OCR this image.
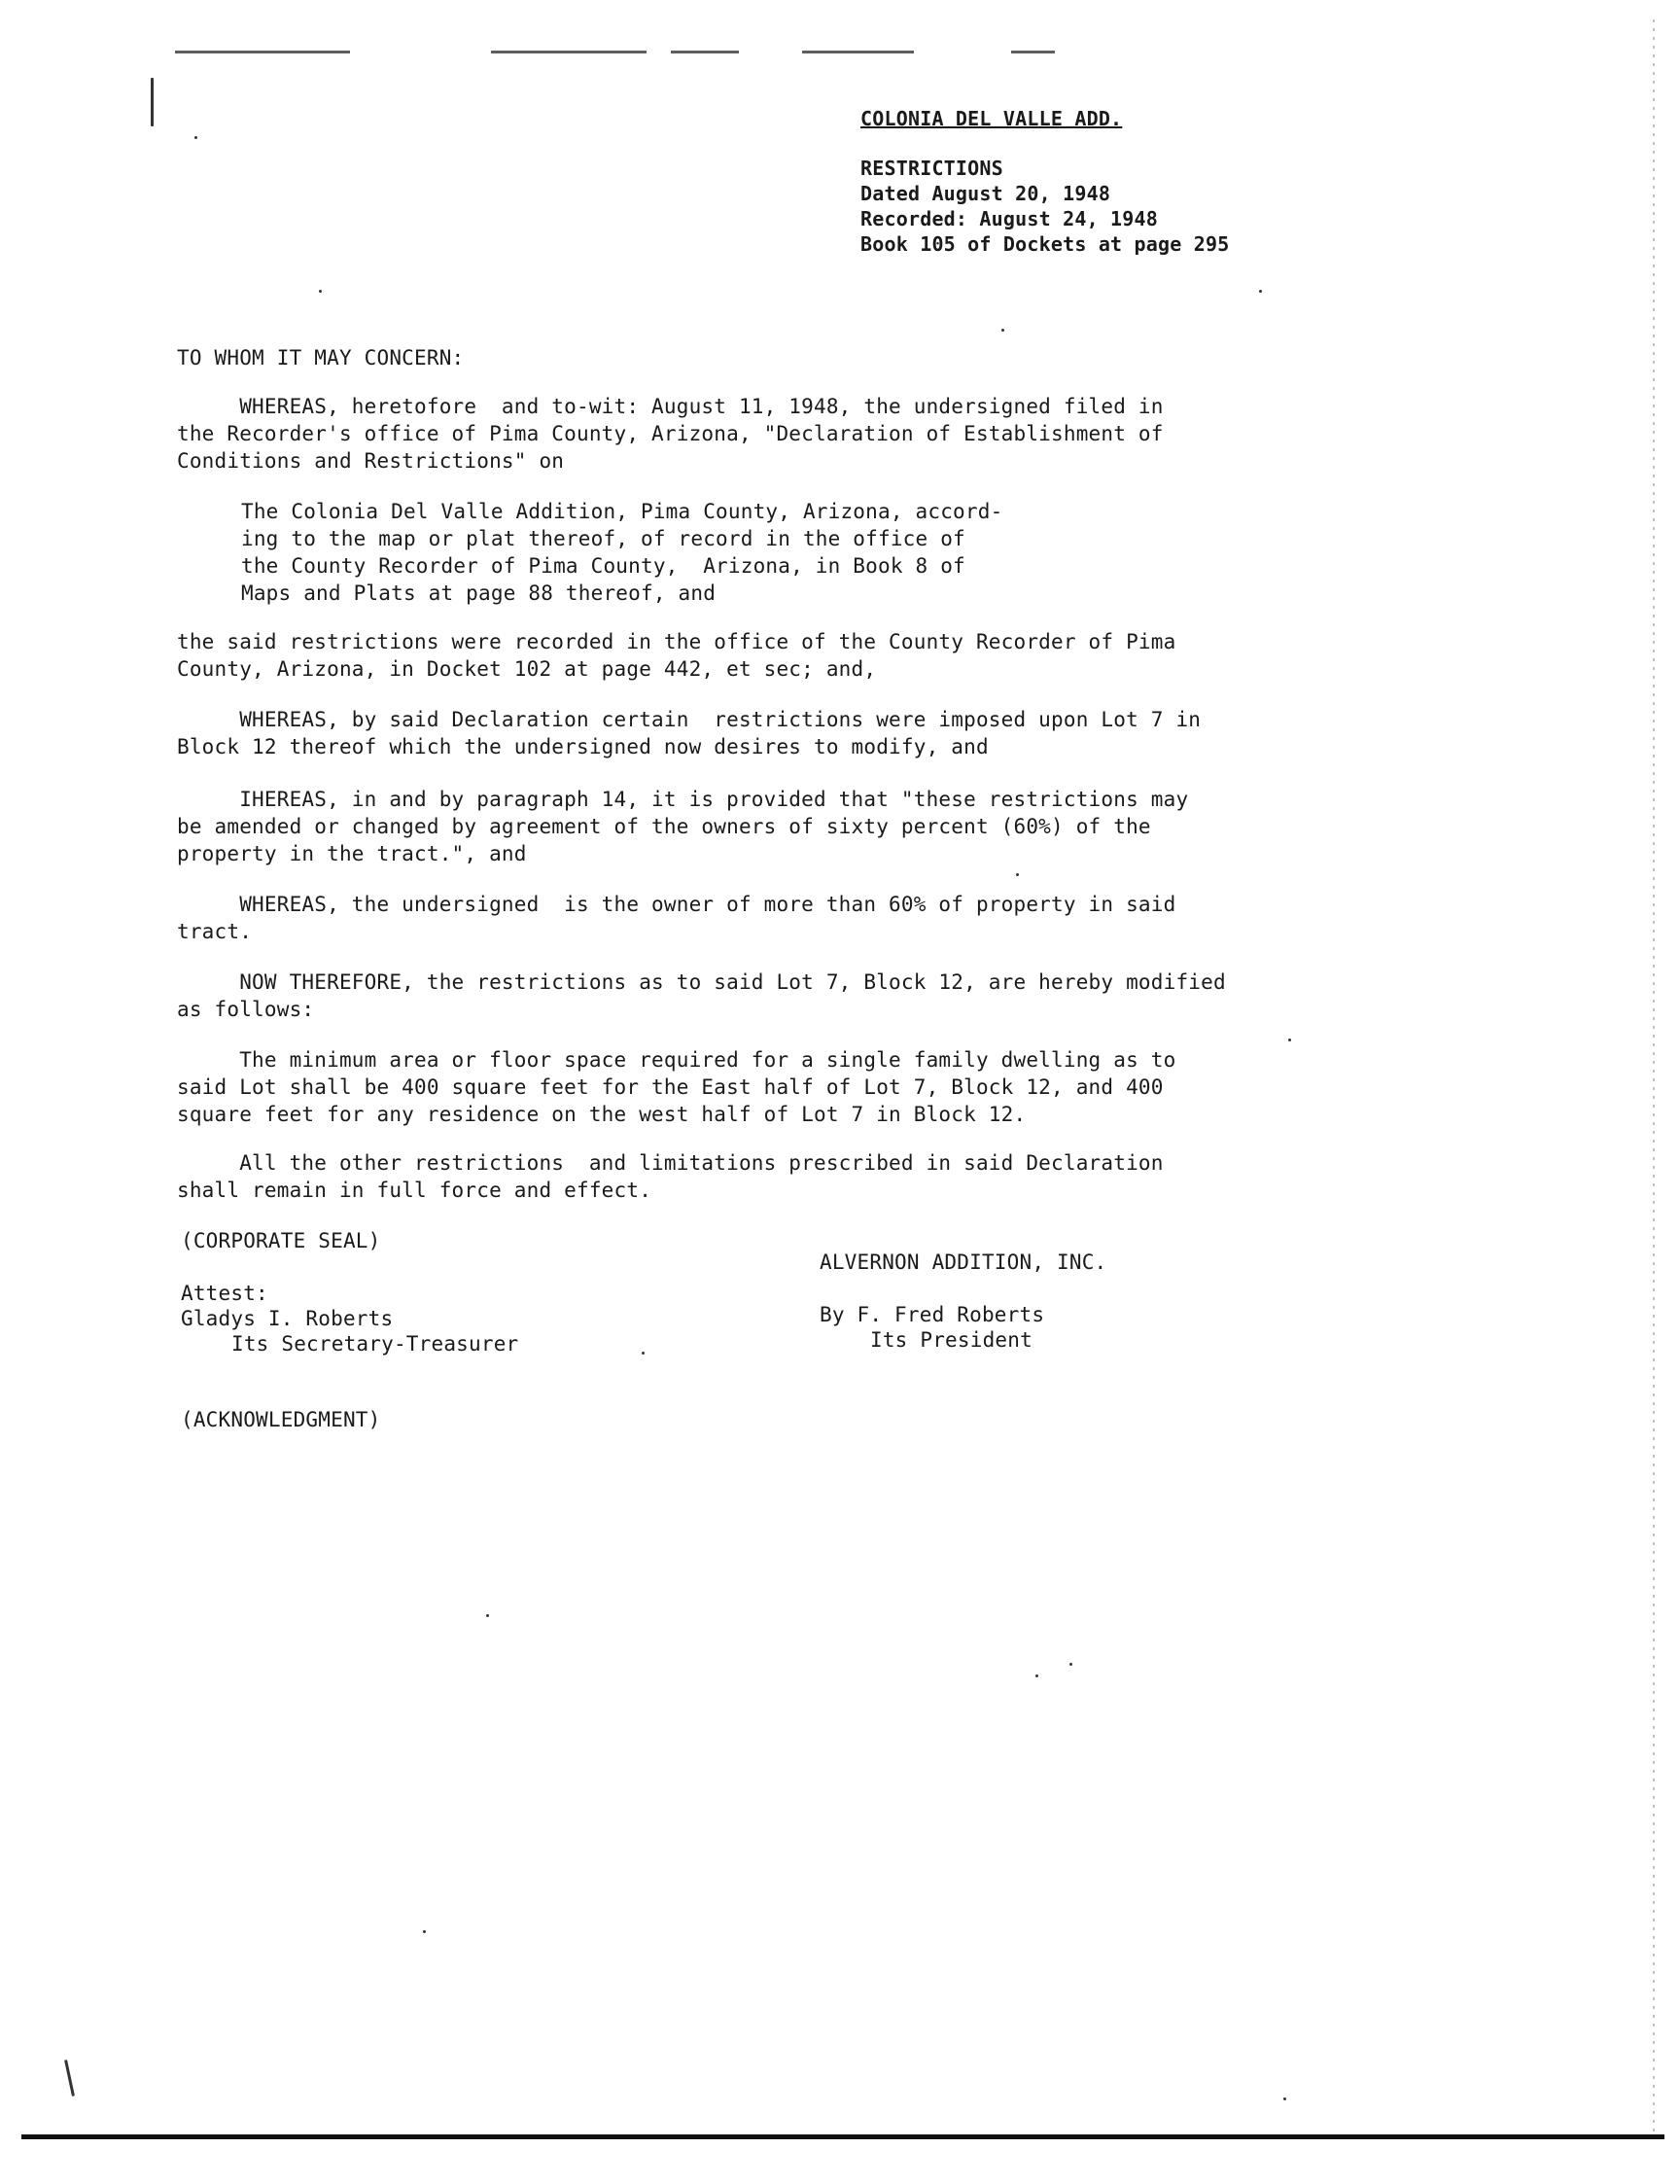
COLONIA DEL VALLE ADD.
RESTRICTIONS
Dated August 20, 1948
Recorded: August 24, 1948
Book 105 of Dockets at page 295
TO WHOM IT MAY CONCERN:
WHEREAS, heretofore  and to-wit: August 11, 1948, the undersigned filed in
the Recorder's office of Pima County, Arizona, "Declaration of Establishment of
Conditions and Restrictions" on
The Colonia Del Valle Addition, Pima County, Arizona, accord-
ing to the map or plat thereof, of record in the office of
the County Recorder of Pima County,  Arizona, in Book 8 of
Maps and Plats at page 88 thereof, and
the said restrictions were recorded in the office of the County Recorder of Pima
County, Arizona, in Docket 102 at page 442, et sec; and,
WHEREAS, by said Declaration certain  restrictions were imposed upon Lot 7 in
Block 12 thereof which the undersigned now desires to modify, and
IHEREAS, in and by paragraph 14, it is provided that "these restrictions may
be amended or changed by agreement of the owners of sixty percent (60%) of the
property in the tract.", and
WHEREAS, the undersigned  is the owner of more than 60% of property in said
tract.
NOW THEREFORE, the restrictions as to said Lot 7, Block 12, are hereby modified
as follows:
The minimum area or floor space required for a single family dwelling as to
said Lot shall be 400 square feet for the East half of Lot 7, Block 12, and 400
square feet for any residence on the west half of Lot 7 in Block 12.
All the other restrictions  and limitations prescribed in said Declaration
shall remain in full force and effect.
(CORPORATE SEAL)
ALVERNON ADDITION, INC.
Attest:
Gladys I. Roberts
Its Secretary-Treasurer
By F. Fred Roberts
Its President
(ACKNOWLEDGMENT)
